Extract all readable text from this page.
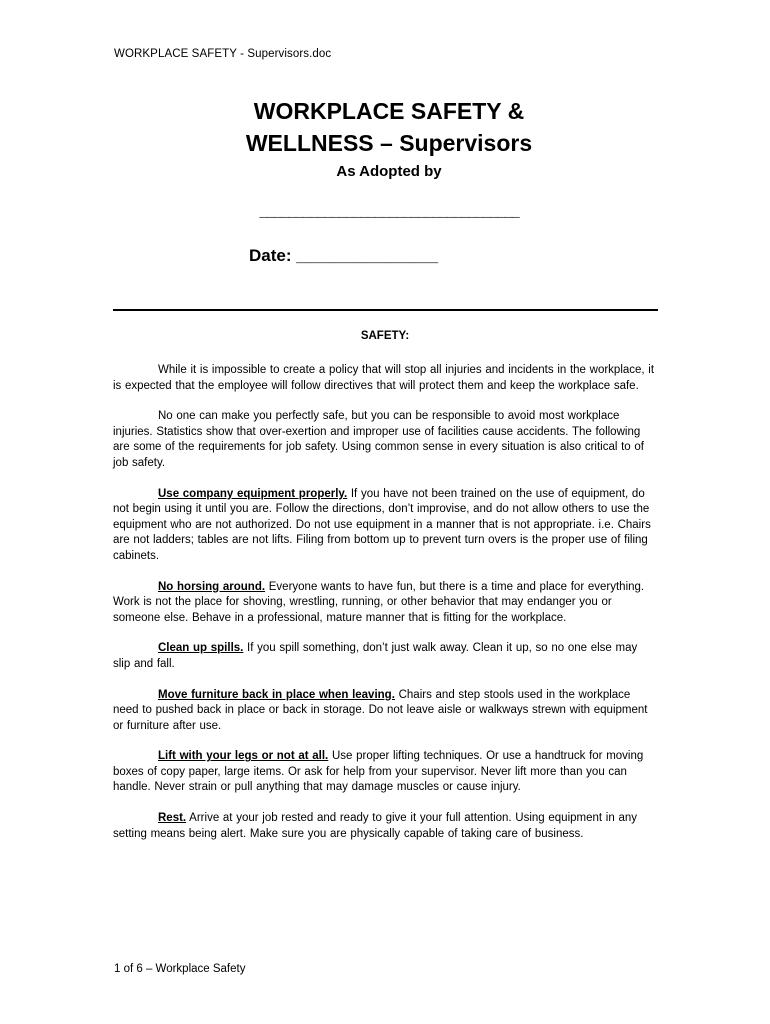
WORKPLACE SAFETY - Supervisors.doc
WORKPLACE SAFETY &
WELLNESS – Supervisors
As Adopted by
____________________________________
Date: _______________
SAFETY:

While it is impossible to create a policy that will stop all injuries and incidents in the workplace, it is expected that the employee will follow directives that will protect them and keep the workplace safe.

No one can make you perfectly safe, but you can be responsible to avoid most workplace injuries. Statistics show that over-exertion and improper use of facilities cause accidents. The following are some of the requirements for job safety. Using common sense in every situation is also critical to of job safety.

Use company equipment properly. If you have not been trained on the use of equipment, do not begin using it until you are. Follow the directions, don’t improvise, and do not allow others to use the equipment who are not authorized. Do not use equipment in a manner that is not appropriate. i.e. Chairs are not ladders; tables are not lifts. Filing from bottom up to prevent turn overs is the proper use of filing cabinets.

No horsing around. Everyone wants to have fun, but there is a time and place for everything. Work is not the place for shoving, wrestling, running, or other behavior that may endanger you or someone else. Behave in a professional, mature manner that is fitting for the workplace.

Clean up spills. If you spill something, don’t just walk away. Clean it up, so no one else may slip and fall.

Move furniture back in place when leaving. Chairs and step stools used in the workplace need to pushed back in place or back in storage. Do not leave aisle or walkways strewn with equipment or furniture after use.

Lift with your legs or not at all. Use proper lifting techniques. Or use a handtruck for moving boxes of copy paper, large items. Or ask for help from your supervisor. Never lift more than you can handle. Never strain or pull anything that may damage muscles or cause injury.

Rest. Arrive at your job rested and ready to give it your full attention. Using equipment in any setting means being alert. Make sure you are physically capable of taking care of business.

1 of 6 – Workplace Safety
